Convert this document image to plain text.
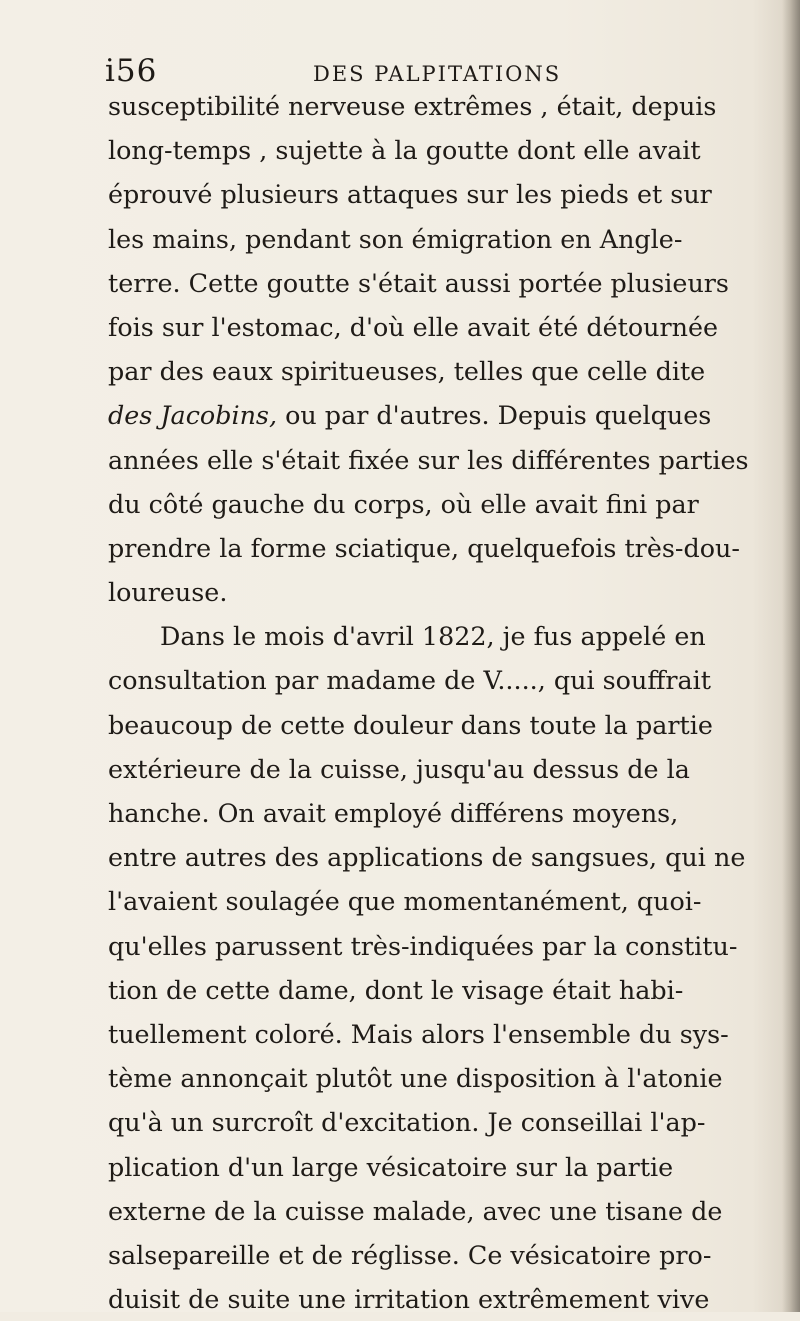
i56	DES PALPITATIONS
susceptibilité nerveuse extrêmes , était, depuis
long-temps , sujette à la goutte dont elle avait
éprouvé plusieurs attaques sur les pieds et sur
les mains, pendant son émigration en Angle-
terre. Cette goutte s'était aussi portée plusieurs
fois sur l'estomac, d'où elle avait été détournée
par des eaux spiritueuses, telles que celle dite
des Jacobins, ou par d'autres. Depuis quelques
années elle s'était fixée sur les différentes parties
du côté gauche du corps, où elle avait fini par
prendre la forme sciatique, quelquefois très-dou-
loureuse.
Dans le mois d'avril 1822, je fus appelé en
consultation par madame de V....., qui souffrait
beaucoup de cette douleur dans toute la partie
extérieure de la cuisse, jusqu'au dessus de la
hanche. On avait employé différens moyens,
entre autres des applications de sangsues, qui ne
l'avaient soulagée que momentanément, quoi-
qu'elles parussent très-indiquées par la constitu-
tion de cette dame, dont le visage était habi-
tuellement coloré. Mais alors l'ensemble du sys-
tème annonçait plutôt une disposition à l'atonie
qu'à un surcroît d'excitation. Je conseillai l'ap-
plication d'un large vésicatoire sur la partie
externe de la cuisse malade, avec une tisane de
salsepareille et de réglisse. Ce vésicatoire pro-
duisit de suite une irritation extrêmement vive
